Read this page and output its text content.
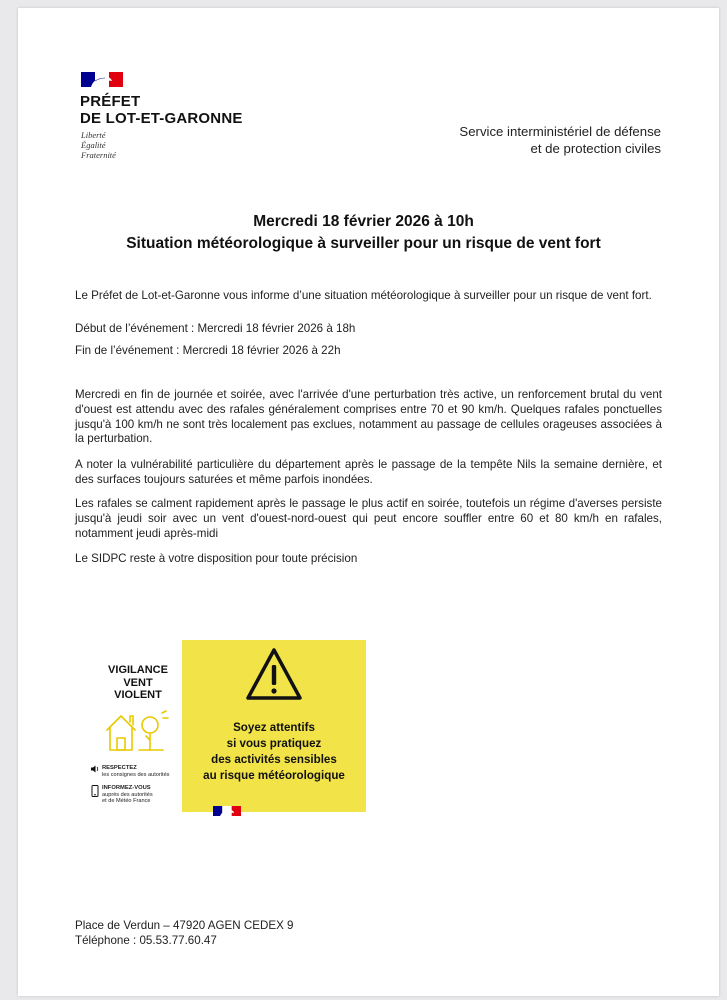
PRÉFET
DE LOT-ET-GARONNE
Liberté
Égalité
Fraternité
Service interministériel de défense
et de protection civiles
Mercredi 18 février 2026 à 10h
Situation météorologique à surveiller pour un risque de vent fort

Le Préfet de Lot-et-Garonne vous informe d’une situation météorologique à surveiller pour un risque de vent fort.

Début de l’événement : Mercredi 18 février 2026 à 18h

Fin de l’événement : Mercredi 18 février 2026 à 22h

Mercredi en fin de journée et soirée, avec l'arrivée d'une perturbation très active, un renforcement brutal du vent d'ouest est attendu avec des rafales généralement comprises entre 70 et 90 km/h. Quelques rafales ponctuelles jusqu'à 100 km/h ne sont très localement pas exclues, notamment au passage de cellules orageuses associées à la perturbation.

A noter la vulnérabilité particulière du département après le passage de la tempête Nils la semaine dernière, et des surfaces toujours saturées et même parfois inondées.

Les rafales se calment rapidement après le passage le plus actif en soirée, toutefois un régime d'averses persiste jusqu'à jeudi soir avec un vent d'ouest-nord-ouest qui peut encore souffler entre 60 et 80 km/h en rafales, notamment jeudi après-midi

Le SIDPC reste à votre disposition pour toute précision

VIGILANCE
VENT
VIOLENT
RESPECTEZ
les consignes des autorités
INFORMEZ-VOUS
auprès des autorités
et de Météo France
Soyez attentifs
si vous pratiquez
des activités sensibles
au risque météorologique
Place de Verdun – 47920 AGEN CEDEX 9
Téléphone : 05.53.77.60.47
